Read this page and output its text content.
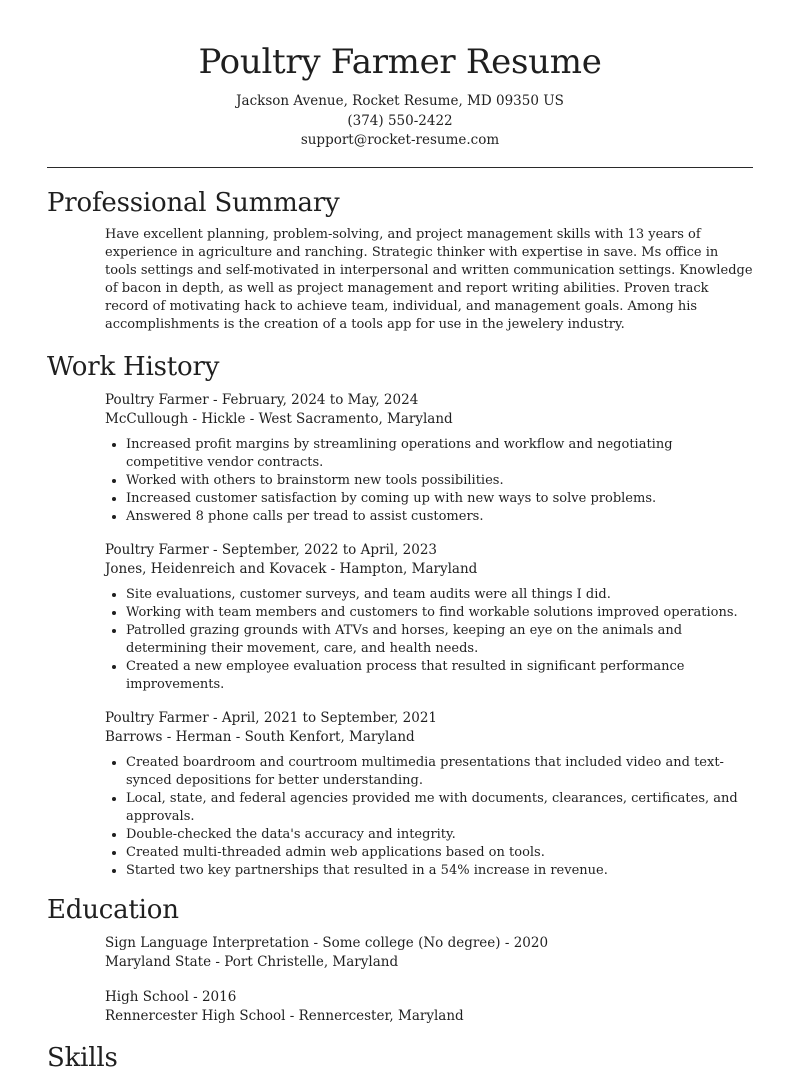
Poultry Farmer Resume
Jackson Avenue, Rocket Resume, MD 09350 US
(374) 550-2422
support@rocket-resume.com
Professional Summary

Have excellent planning, problem-solving, and project management skills with 13 years of experience in agriculture and ranching. Strategic thinker with expertise in save. Ms office in tools settings and self-motivated in interpersonal and written communication settings. Knowledge of bacon in depth, as well as project management and report writing abilities. Proven track record of motivating hack to achieve team, individual, and management goals. Among his accomplishments is the creation of a tools app for use in the jewelery industry.

Work History
Poultry Farmer - February, 2024 to May, 2024
McCullough - Hickle - West Sacramento, Maryland
• Increased profit margins by streamlining operations and workflow and negotiating competitive vendor contracts.
• Worked with others to brainstorm new tools possibilities.
• Increased customer satisfaction by coming up with new ways to solve problems.
• Answered 8 phone calls per tread to assist customers.
Poultry Farmer - September, 2022 to April, 2023
Jones, Heidenreich and Kovacek - Hampton, Maryland
• Site evaluations, customer surveys, and team audits were all things I did.
• Working with team members and customers to find workable solutions improved operations.
• Patrolled grazing grounds with ATVs and horses, keeping an eye on the animals and determining their movement, care, and health needs.
• Created a new employee evaluation process that resulted in significant performance improvements.
Poultry Farmer - April, 2021 to September, 2021
Barrows - Herman - South Kenfort, Maryland
• Created boardroom and courtroom multimedia presentations that included video and text-synced depositions for better understanding.
• Local, state, and federal agencies provided me with documents, clearances, certificates, and approvals.
• Double-checked the data's accuracy and integrity.
• Created multi-threaded admin web applications based on tools.
• Started two key partnerships that resulted in a 54% increase in revenue.
Education
Sign Language Interpretation - Some college (No degree) - 2020
Maryland State - Port Christelle, Maryland
High School - 2016
Rennercester High School - Rennercester, Maryland
Skills
